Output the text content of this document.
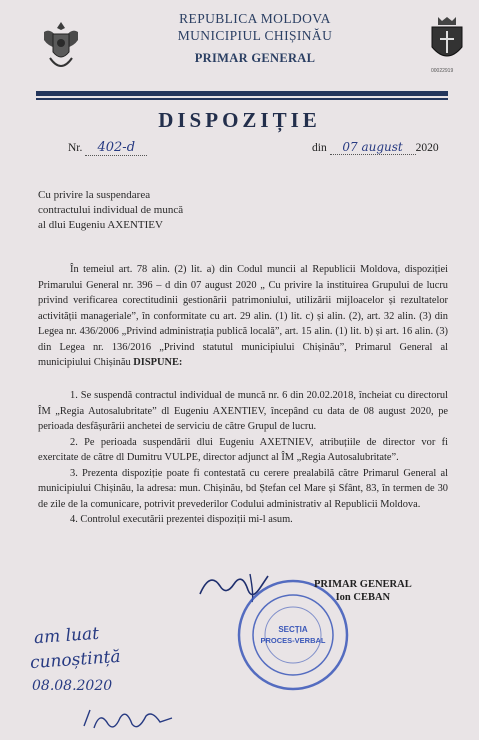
REPUBLICA MOLDOVA
MUNICIPIUL CHIȘINĂU
PRIMAR GENERAL
00022919
DISPOZIȚIE
Nr. 402-d	din 07 august 2020
Cu privire la suspendarea
contractului individual de muncă
al dlui Eugeniu AXENTIEV
În temeiul art. 78 alin. (2) lit. a) din Codul muncii al Republicii Moldova, dispoziției Primarului General nr. 396 – d din 07 august 2020 „ Cu privire la instituirea Grupului de lucru privind verificarea corectitudinii gestionării patrimoniului, utilizării mijloacelor și rezultatelor activității manageriale”, în conformitate cu art. 29 alin. (1) lit. c) și alin. (2), art. 32 alin. (3) din Legea nr. 436/2006 „Privind administrația publică locală”, art. 15 alin. (1) lit. b) și art. 16 alin. (3) din Legea nr. 136/2016 „Privind statutul municipiului Chișinău”, Primarul General al municipiului Chișinău DISPUNE:

1. Se suspendă contractul individual de muncă nr. 6 din 20.02.2018, încheiat cu directorul ÎM „Regia Autosalubritate” dl Eugeniu AXENTIEV, începând cu data de 08 august 2020, pe perioada desfășurării anchetei de serviciu de către Grupul de lucru.

2. Pe perioada suspendării dlui Eugeniu AXETNIEV, atribuțiile de director vor fi exercitate de către dl Dumitru VULPE, director adjunct al ÎM „Regia Autosalubritate”.

3. Prezenta dispoziție poate fi contestată cu cerere prealabilă către Primarul General al municipiului Chișinău, la adresa: mun. Chișinău, bd Ștefan cel Mare și Sfânt, 83, în termen de 30 de zile de la comunicare, potrivit prevederilor Codului administrativ al Republicii Moldova.

4. Controlul executării prezentei dispoziții mi-l asum.

SECȚIA
PROCES-VERBAL
PRIMAR GENERAL
Ion CEBAN
am luat
cunoștință
08.08.2020
